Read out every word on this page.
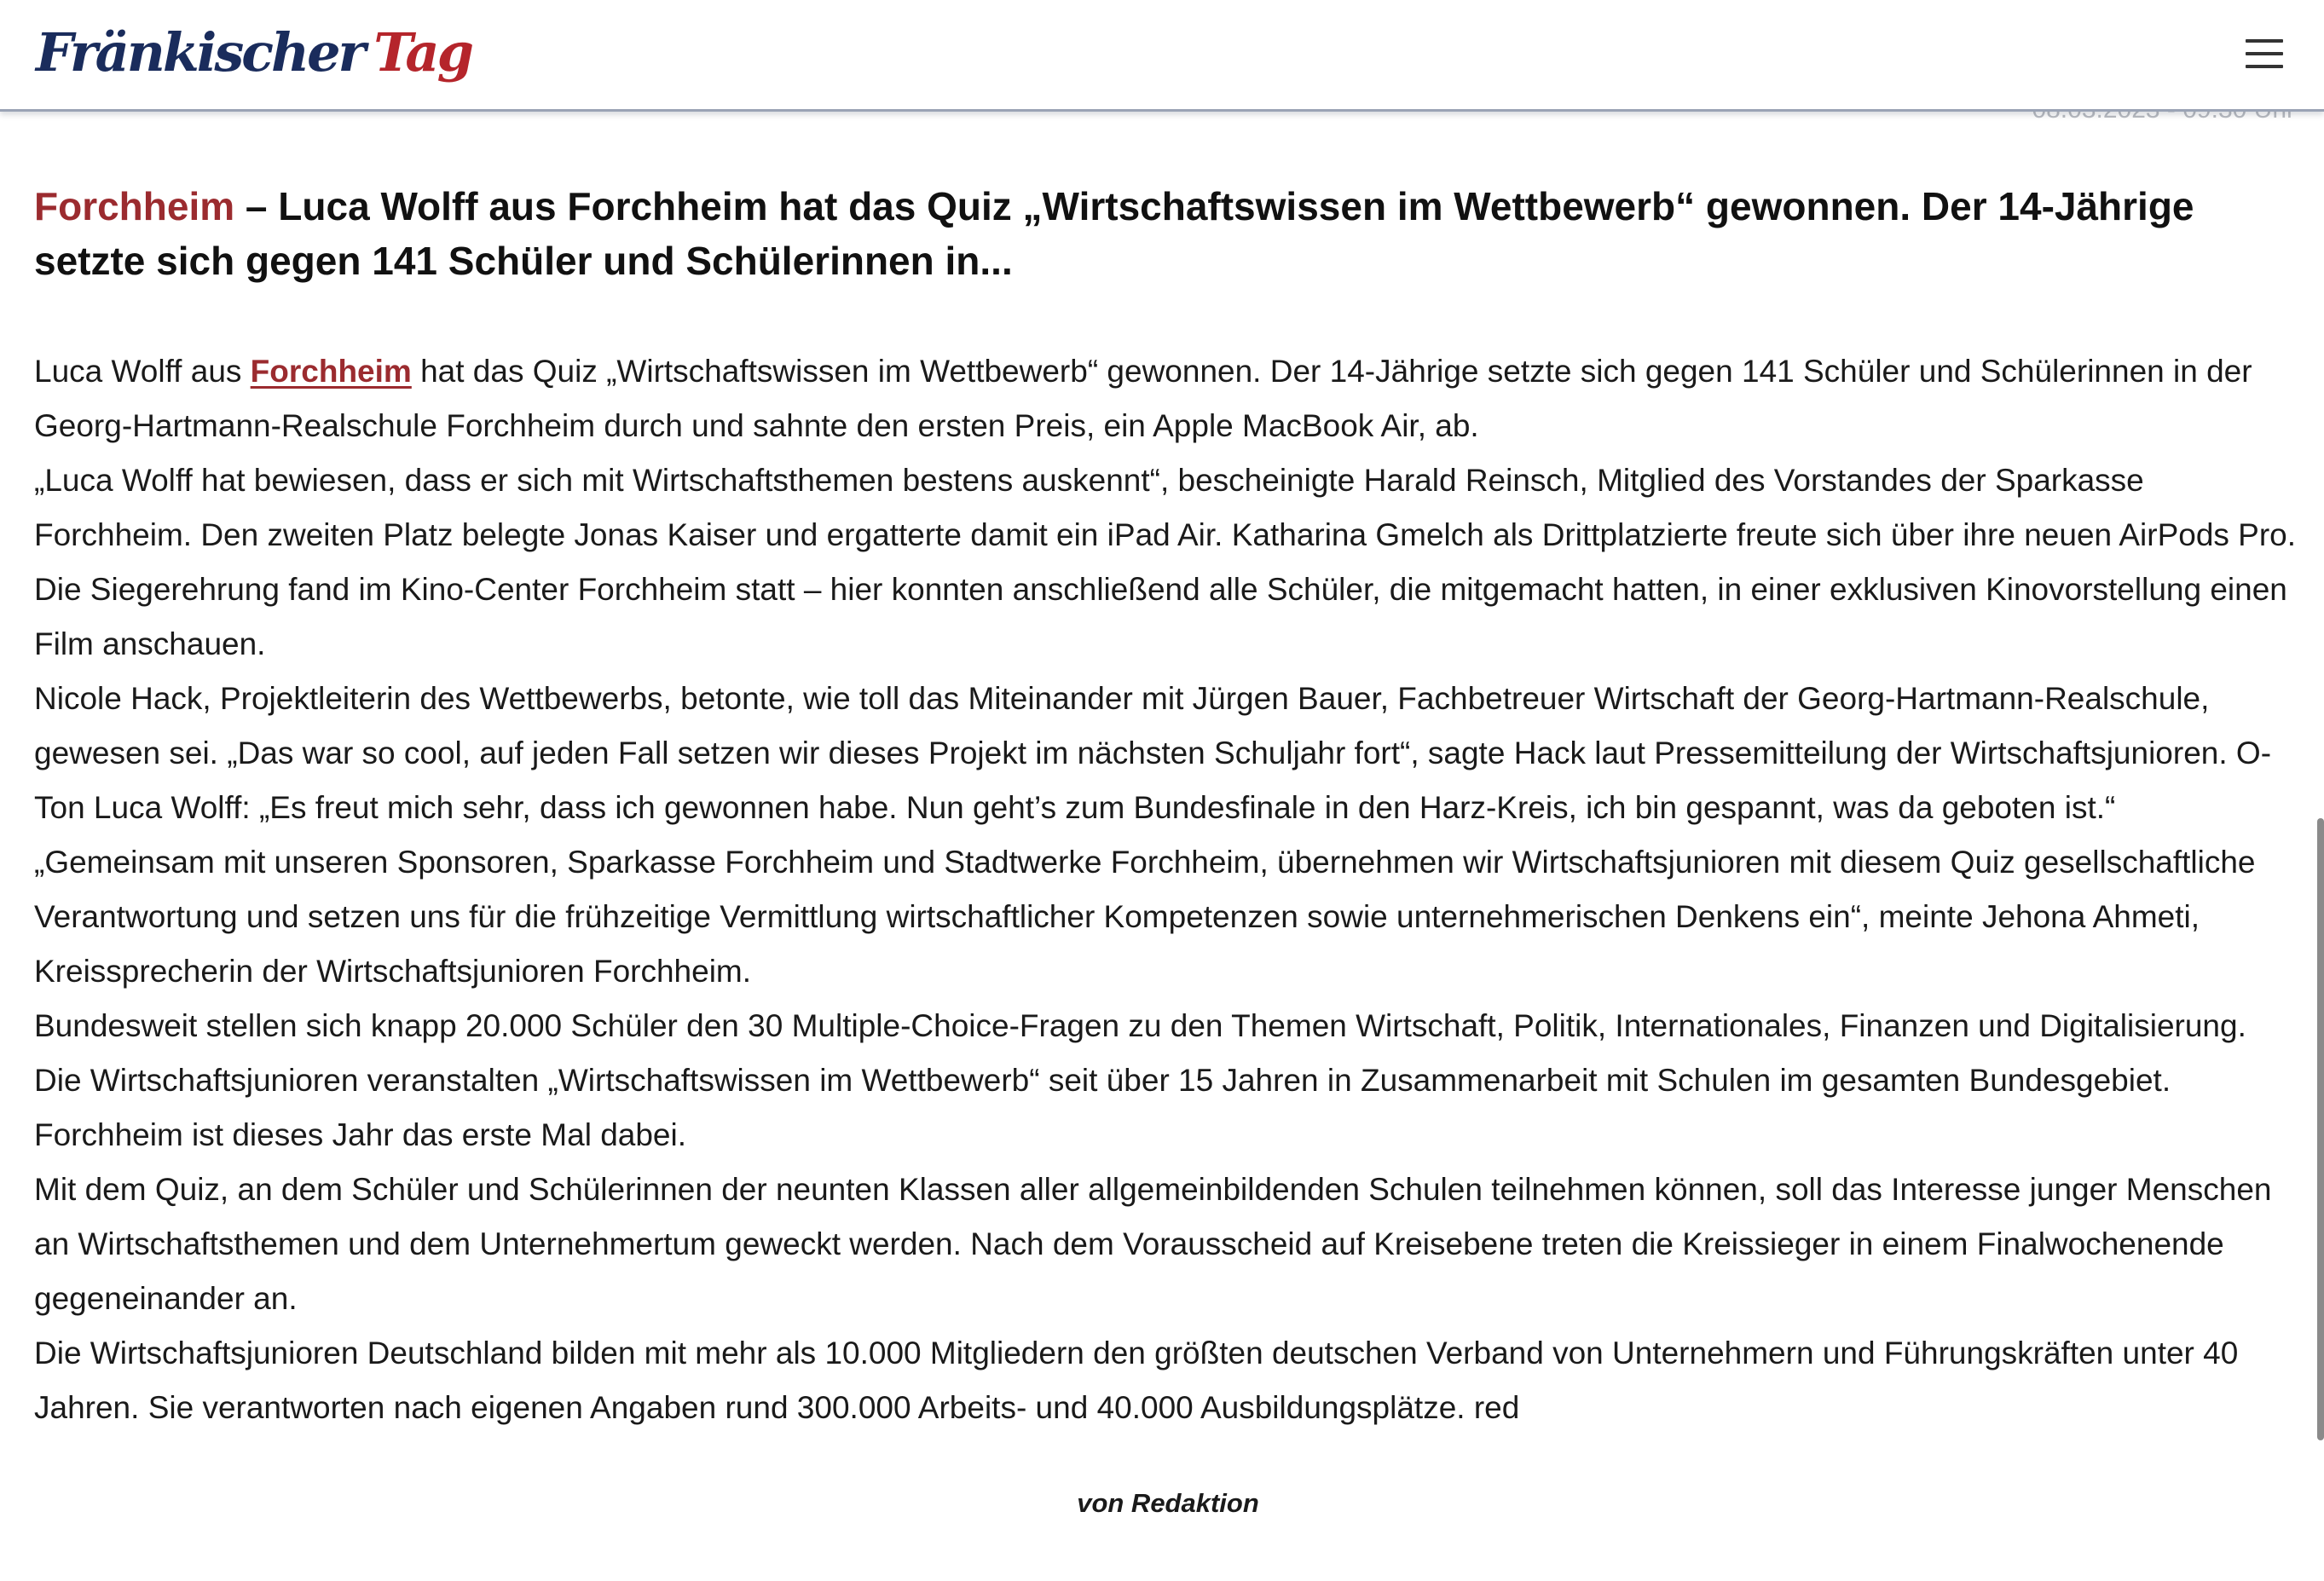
Fränkischer Tag
Forchheim – Luca Wolff aus Forchheim hat das Quiz „Wirtschaftswissen im Wettbewerb“ gewonnen. Der 14-Jährige setzte sich gegen 141 Schüler und Schülerinnen in...

Luca Wolff aus Forchheim hat das Quiz „Wirtschaftswissen im Wettbewerb“ gewonnen. Der 14-Jährige setzte sich gegen 141 Schüler und Schülerinnen in der Georg-Hartmann-Realschule Forchheim durch und sahnte den ersten Preis, ein Apple MacBook Air, ab.

„Luca Wolff hat bewiesen, dass er sich mit Wirtschaftsthemen bestens auskennt“, bescheinigte Harald Reinsch, Mitglied des Vorstandes der Sparkasse Forchheim. Den zweiten Platz belegte Jonas Kaiser und ergatterte damit ein iPad Air. Katharina Gmelch als Drittplatzierte freute sich über ihre neuen AirPods Pro.

Die Siegerehrung fand im Kino-Center Forchheim statt – hier konnten anschließend alle Schüler, die mitgemacht hatten, in einer exklusiven Kinovorstellung einen Film anschauen.

Nicole Hack, Projektleiterin des Wettbewerbs, betonte, wie toll das Miteinander mit Jürgen Bauer, Fachbetreuer Wirtschaft der Georg-Hartmann-Realschule, gewesen sei. „Das war so cool, auf jeden Fall setzen wir dieses Projekt im nächsten Schuljahr fort“, sagte Hack laut Pressemitteilung der Wirtschaftsjunioren. O-Ton Luca Wolff: „Es freut mich sehr, dass ich gewonnen habe. Nun geht’s zum Bundesfinale in den Harz-Kreis, ich bin gespannt, was da geboten ist.“

„Gemeinsam mit unseren Sponsoren, Sparkasse Forchheim und Stadtwerke Forchheim, übernehmen wir Wirtschaftsjunioren mit diesem Quiz gesellschaftliche Verantwortung und setzen uns für die frühzeitige Vermittlung wirtschaftlicher Kompetenzen sowie unternehmerischen Denkens ein“, meinte Jehona Ahmeti, Kreissprecherin der Wirtschaftsjunioren Forchheim.

Bundesweit stellen sich knapp 20.000 Schüler den 30 Multiple-Choice-Fragen zu den Themen Wirtschaft, Politik, Internationales, Finanzen und Digitalisierung. Die Wirtschaftsjunioren veranstalten „Wirtschaftswissen im Wettbewerb“ seit über 15 Jahren in Zusammenarbeit mit Schulen im gesamten Bundesgebiet. Forchheim ist dieses Jahr das erste Mal dabei.

Mit dem Quiz, an dem Schüler und Schülerinnen der neunten Klassen aller allgemeinbildenden Schulen teilnehmen können, soll das Interesse junger Menschen an Wirtschaftsthemen und dem Unternehmertum geweckt werden. Nach dem Vorausscheid auf Kreisebene treten die Kreissieger in einem Finalwochenende gegeneinander an.

Die Wirtschaftsjunioren Deutschland bilden mit mehr als 10.000 Mitgliedern den größten deutschen Verband von Unternehmern und Führungskräften unter 40 Jahren. Sie verantworten nach eigenen Angaben rund 300.000 Arbeits- und 40.000 Ausbildungsplätze. red

von Redaktion
